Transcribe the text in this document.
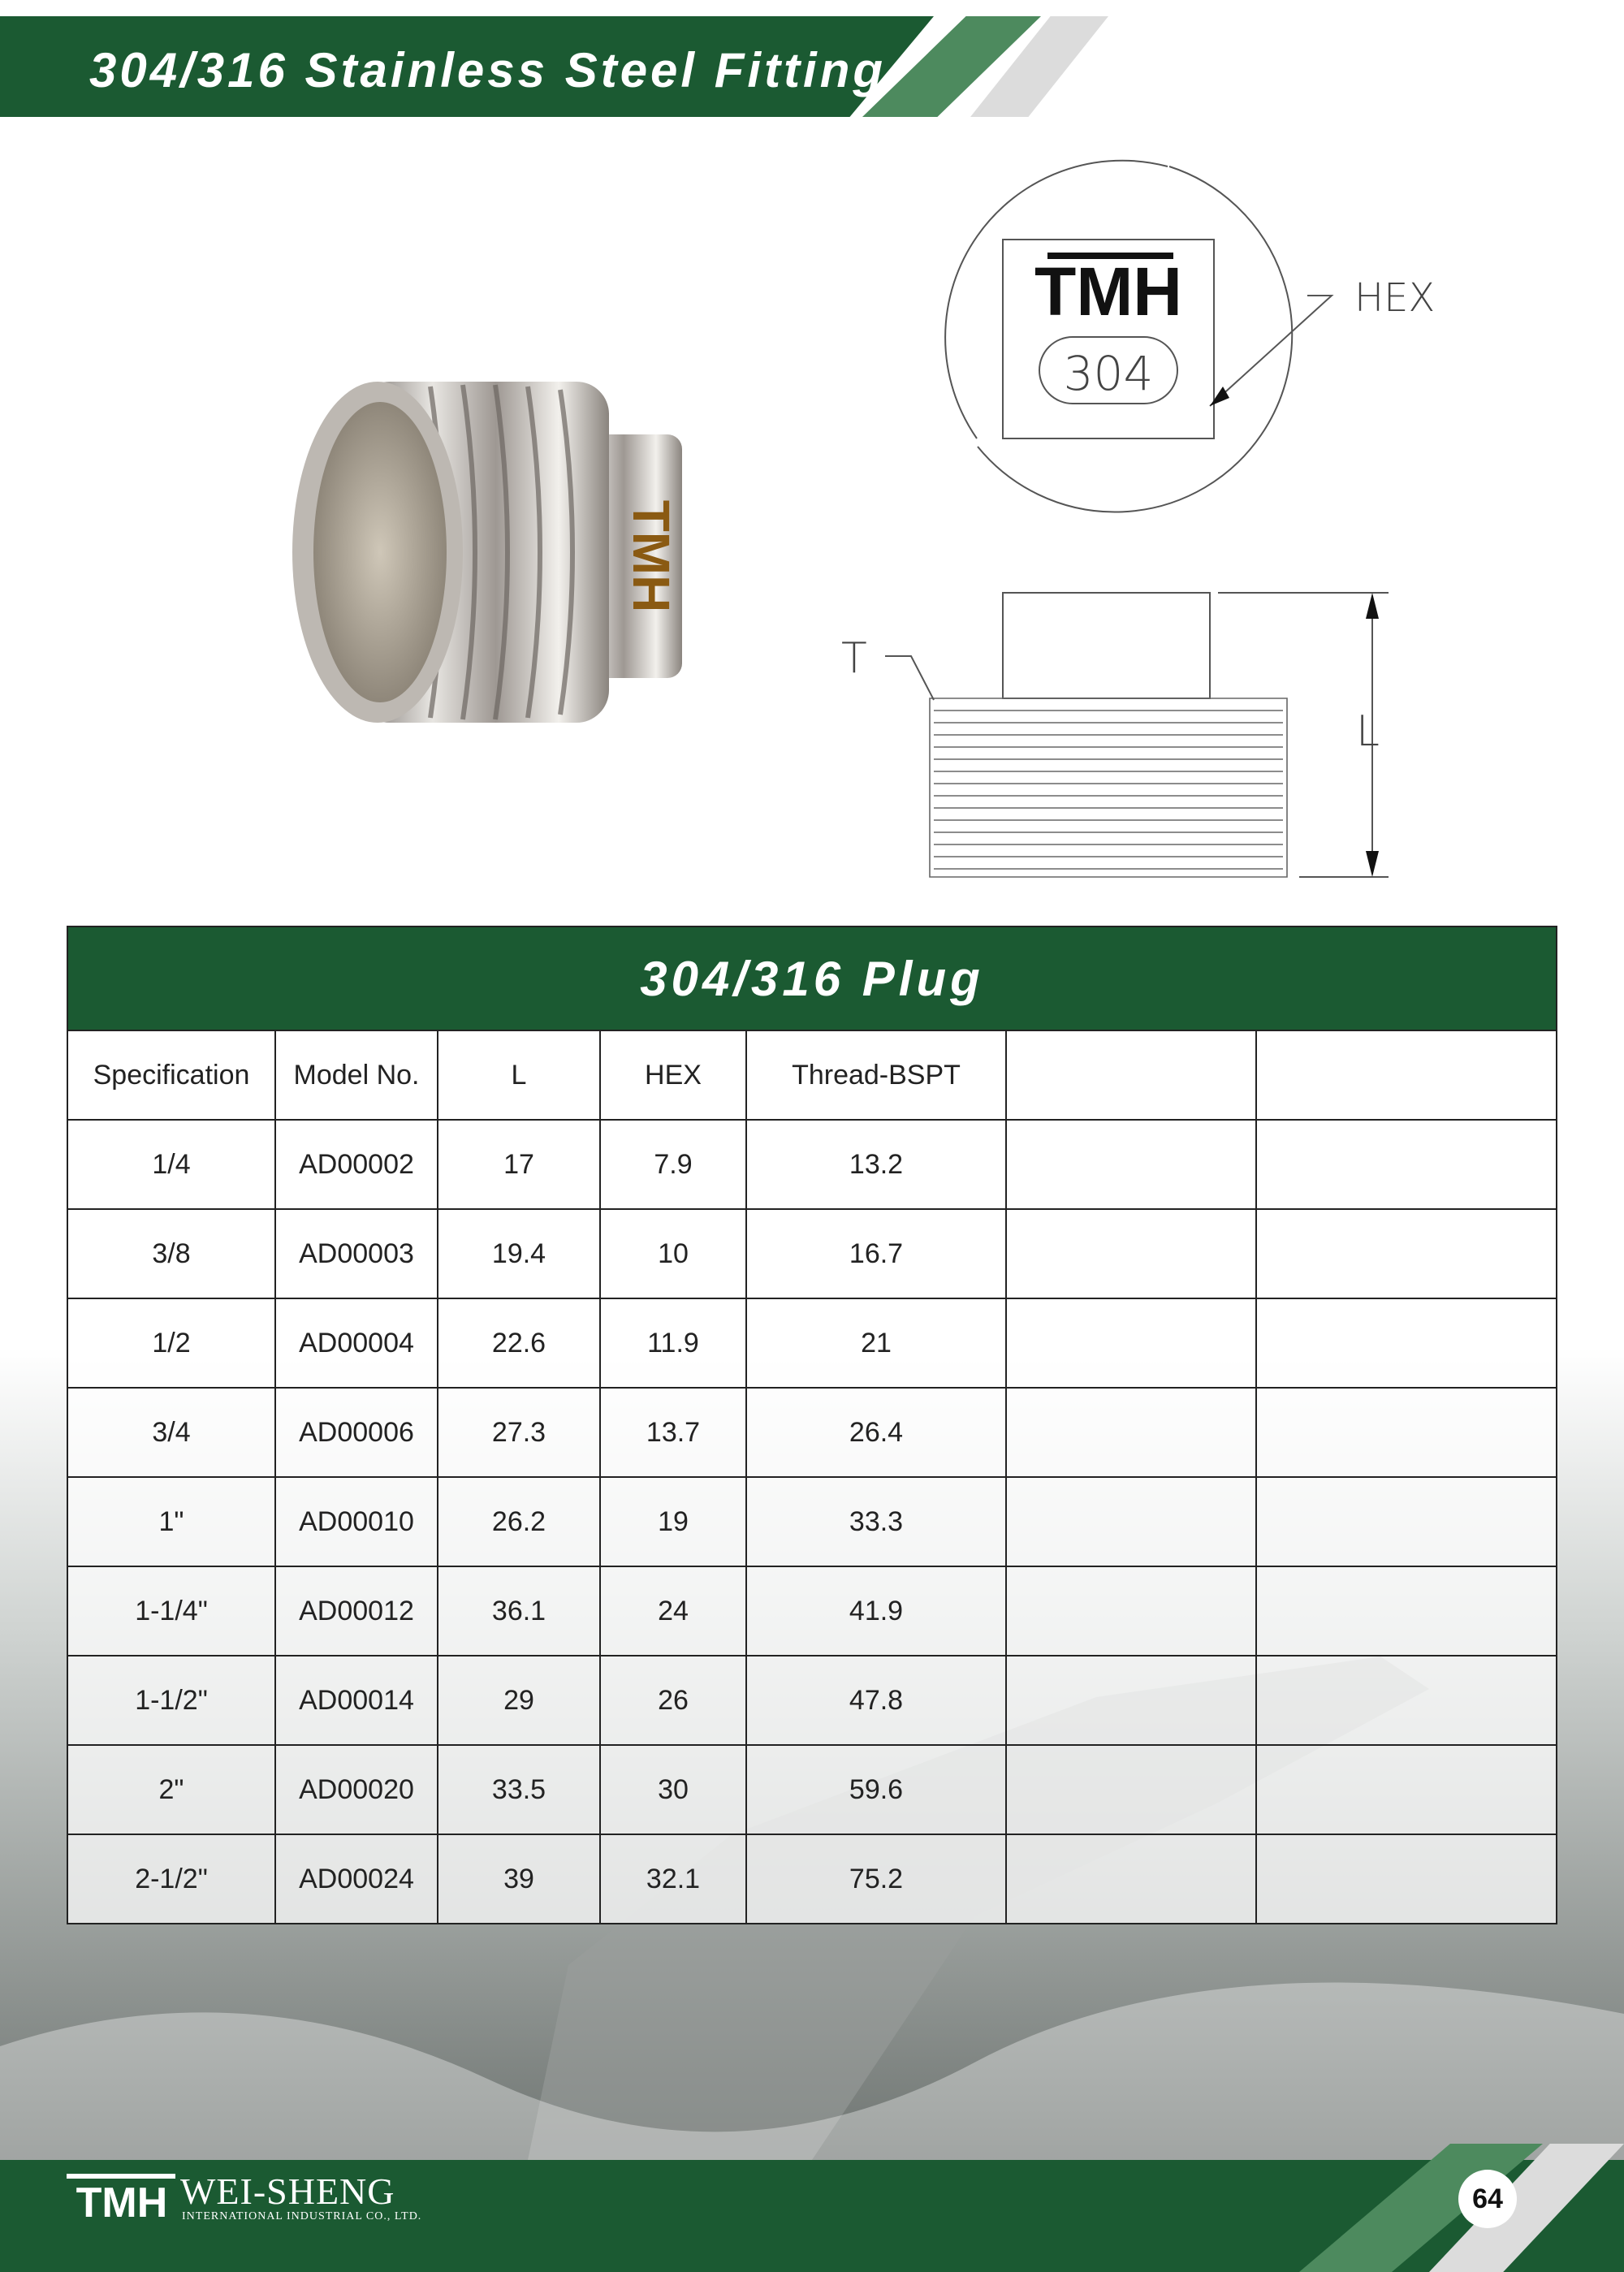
304/316 Stainless Steel Fitting
TMH
TMH
304
HEX
T
L
304/316 Plug
Specification	Model No.	L	HEX	Thread-BSPT
1/4	AD00002	17	7.9	13.2
3/8	AD00003	19.4	10	16.7
1/2	AD00004	22.6	11.9	21
3/4	AD00006	27.3	13.7	26.4
1"	AD00010	26.2	19	33.3
1-1/4"	AD00012	36.1	24	41.9
1-1/2"	AD00014	29	26	47.8
2"	AD00020	33.5	30	59.6
2-1/2"	AD00024	39	32.1	75.2
TMH WEI-SHENG
INTERNATIONAL INDUSTRIAL CO., LTD.
64
